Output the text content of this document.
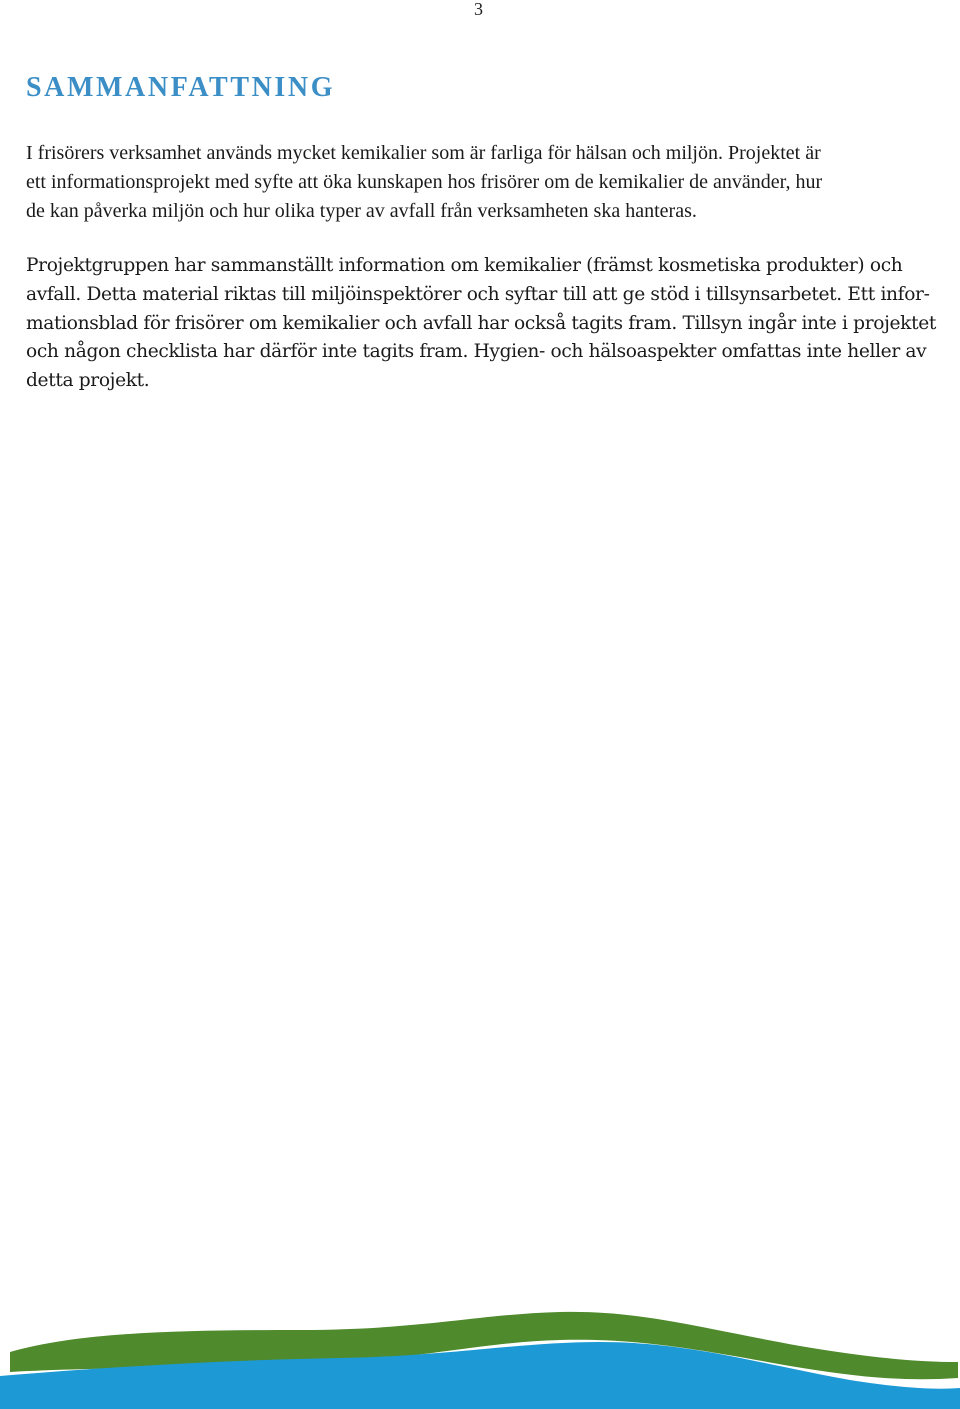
3
SAMMANFATTNING

I frisörers verksamhet används mycket kemikalier som är farliga för hälsan och miljön. Projektet är
ett informationsprojekt med syfte att öka kunskapen hos frisörer om de kemikalier de använder, hur
de kan påverka miljön och hur olika typer av avfall från verksamheten ska hanteras.

Projektgruppen har sammanställt information om kemikalier (främst kosmetiska produkter) och
avfall. Detta material riktas till miljöinspektörer och syftar till att ge stöd i tillsynsarbetet. Ett infor-
mationsblad för frisörer om kemikalier och avfall har också tagits fram. Tillsyn ingår inte i projektet
och någon checklista har därför inte tagits fram. Hygien- och hälsoaspekter omfattas inte heller av
detta projekt.
